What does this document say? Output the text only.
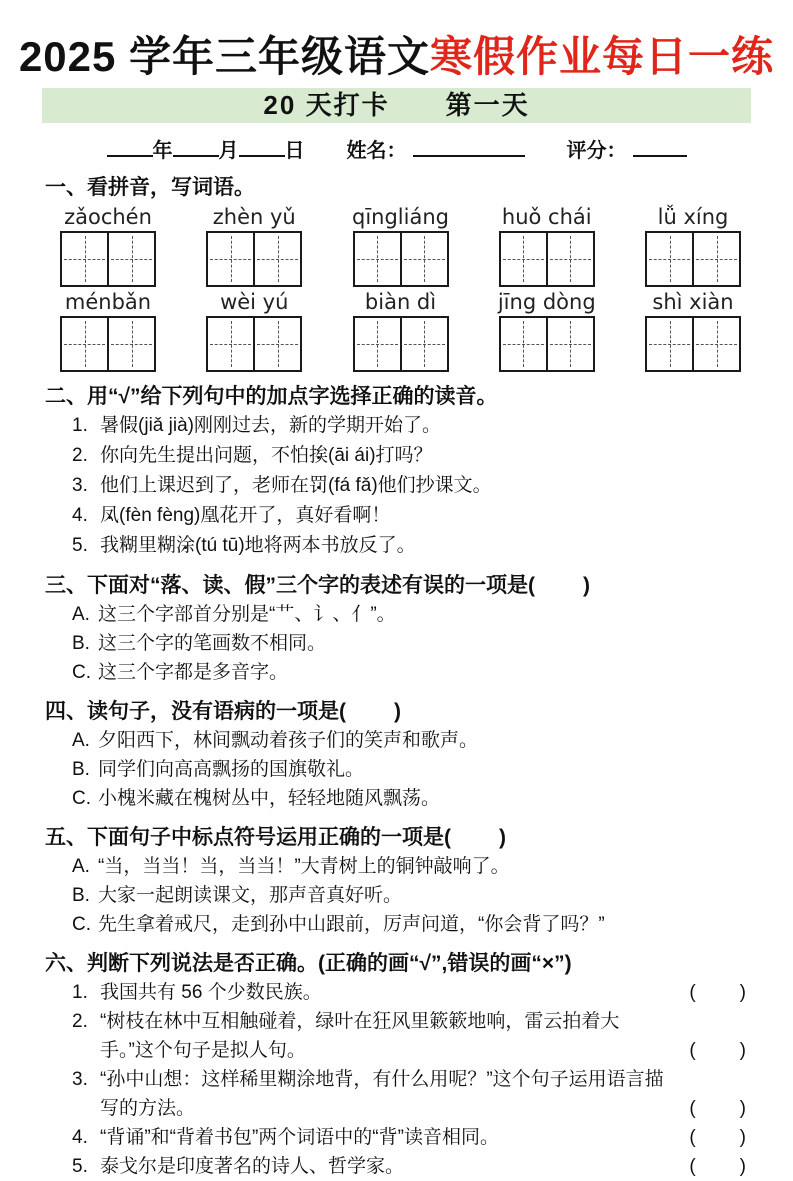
2025 学年三年级语文寒假作业每日一练
20 天打卡　　第一天
年 月 日 姓名：	评分：
一、看拼音，写词语。
zǎochén	zhèn yǔ	qīngliáng	huǒ chái	lǚ xíng
ménbǎn	wèi yú	biàn dì	jīng dòng	shì xiàn
二、用“√”给下列句中的加点字选择正确的读音。
1. 暑假 •(jiǎ jià)刚刚过去，新的学期开始了。
2. 你向先生提出问题，不怕挨 •(āi ái)打吗？
3. 他们上课迟到了，老师在罚 •(fá fǎ)他们抄课文。
4. 凤 •(fèn fèng)凰花开了，真好看啊！
5. 我糊里糊涂 •(tú tū)地将两本书放反了。
三、下面对“落、读、假”三个字的表述有误的一项是(　　)
A. 这三个字部首分别是“艹、讠、亻”。
B. 这三个字的笔画数不相同。
C. 这三个字都是多音字。
四、读句子，没有语病的一项是(　　)
A. 夕阳西下，林间飘动着孩子们的笑声和歌声。
B. 同学们向高高飘扬的国旗敬礼。
C. 小槐米藏在槐树丛中，轻轻地随风飘荡。
五、下面句子中标点符号运用正确的一项是(　　)
A. “当，当当！当，当当！”大青树上的铜钟敲响了。
B. 大家一起朗读课文，那声音真好听。
C. 先生拿着戒尺，走到孙中山跟前，厉声问道，“你会背了吗？”
六、判断下列说法是否正确。(正确的画“√”,错误的画“×”)
1. 我国共有 56 个少数民族。	(　　)
2. “树枝在林中互相触碰着，绿叶在狂风里簌簌地响，雷云拍着大手。”这个句子是拟人句。	(　　)
3. “孙中山想：这样稀里糊涂地背，有什么用呢？”这个句子运用语言描写的方法。	(　　)
4. “背诵”和“背着书包”两个词语中的“背”读音相同。	(　　)
5. 泰戈尔是印度著名的诗人、哲学家。	(　　)
